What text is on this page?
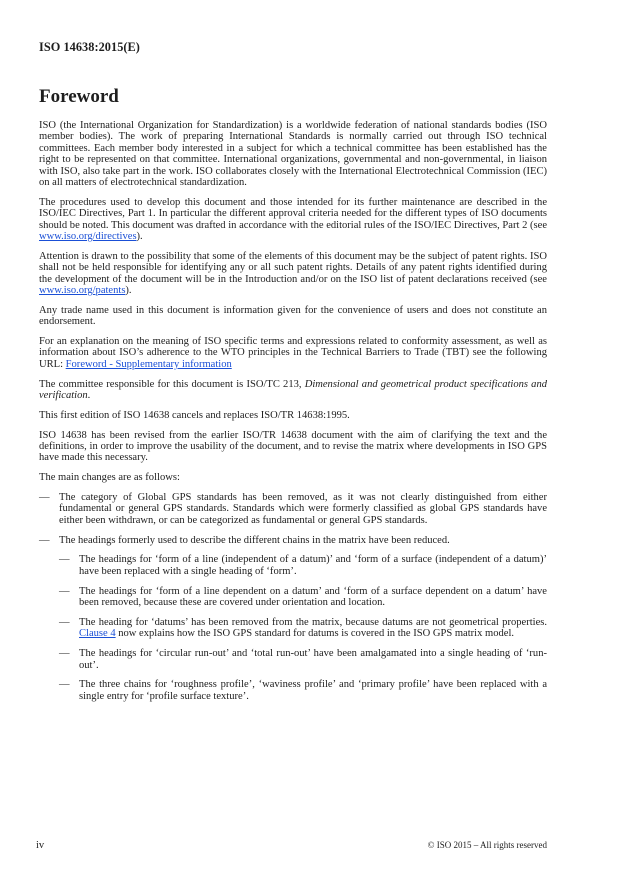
ISO 14638:2015(E)
Foreword

ISO (the International Organization for Standardization) is a worldwide federation of national standards bodies (ISO member bodies). The work of preparing International Standards is normally carried out through ISO technical committees. Each member body interested in a subject for which a technical committee has been established has the right to be represented on that committee. International organizations, governmental and non-governmental, in liaison with ISO, also take part in the work. ISO collaborates closely with the International Electrotechnical Commission (IEC) on all matters of electrotechnical standardization.

The procedures used to develop this document and those intended for its further maintenance are described in the ISO/IEC Directives, Part 1. In particular the different approval criteria needed for the different types of ISO documents should be noted. This document was drafted in accordance with the editorial rules of the ISO/IEC Directives, Part 2 (see www.iso.org/directives).

Attention is drawn to the possibility that some of the elements of this document may be the subject of patent rights. ISO shall not be held responsible for identifying any or all such patent rights. Details of any patent rights identified during the development of the document will be in the Introduction and/or on the ISO list of patent declarations received (see www.iso.org/patents).

Any trade name used in this document is information given for the convenience of users and does not constitute an endorsement.

For an explanation on the meaning of ISO specific terms and expressions related to conformity assessment, as well as information about ISO’s adherence to the WTO principles in the Technical Barriers to Trade (TBT) see the following URL: Foreword - Supplementary information

The committee responsible for this document is ISO/TC 213, Dimensional and geometrical product specifications and verification.

This first edition of ISO 14638 cancels and replaces ISO/TR 14638:1995.

ISO 14638 has been revised from the earlier ISO/TR 14638 document with the aim of clarifying the text and the definitions, in order to improve the usability of the document, and to revise the matrix where developments in ISO GPS have made this necessary.

The main changes are as follows:

— The category of Global GPS standards has been removed, as it was not clearly distinguished from either fundamental or general GPS standards. Standards which were formerly classified as global GPS standards have either been withdrawn, or can be categorized as fundamental or general GPS standards.
— The headings formerly used to describe the different chains in the matrix have been reduced.
— The headings for ‘form of a line (independent of a datum)’ and ‘form of a surface (independent of a datum)’ have been replaced with a single heading of ‘form’.
— The headings for ‘form of a line dependent on a datum’ and ‘form of a surface dependent on a datum’ have been removed, because these are covered under orientation and location.
— The heading for ‘datums’ has been removed from the matrix, because datums are not geometrical properties. Clause 4 now explains how the ISO GPS standard for datums is covered in the ISO GPS matrix model.
— The headings for ‘circular run-out’ and ‘total run-out’ have been amalgamated into a single heading of ‘run-out’.
— The three chains for ‘roughness profile’, ‘waviness profile’ and ‘primary profile’ have been replaced with a single entry for ‘profile surface texture’.
iv	© ISO 2015 – All rights reserved
